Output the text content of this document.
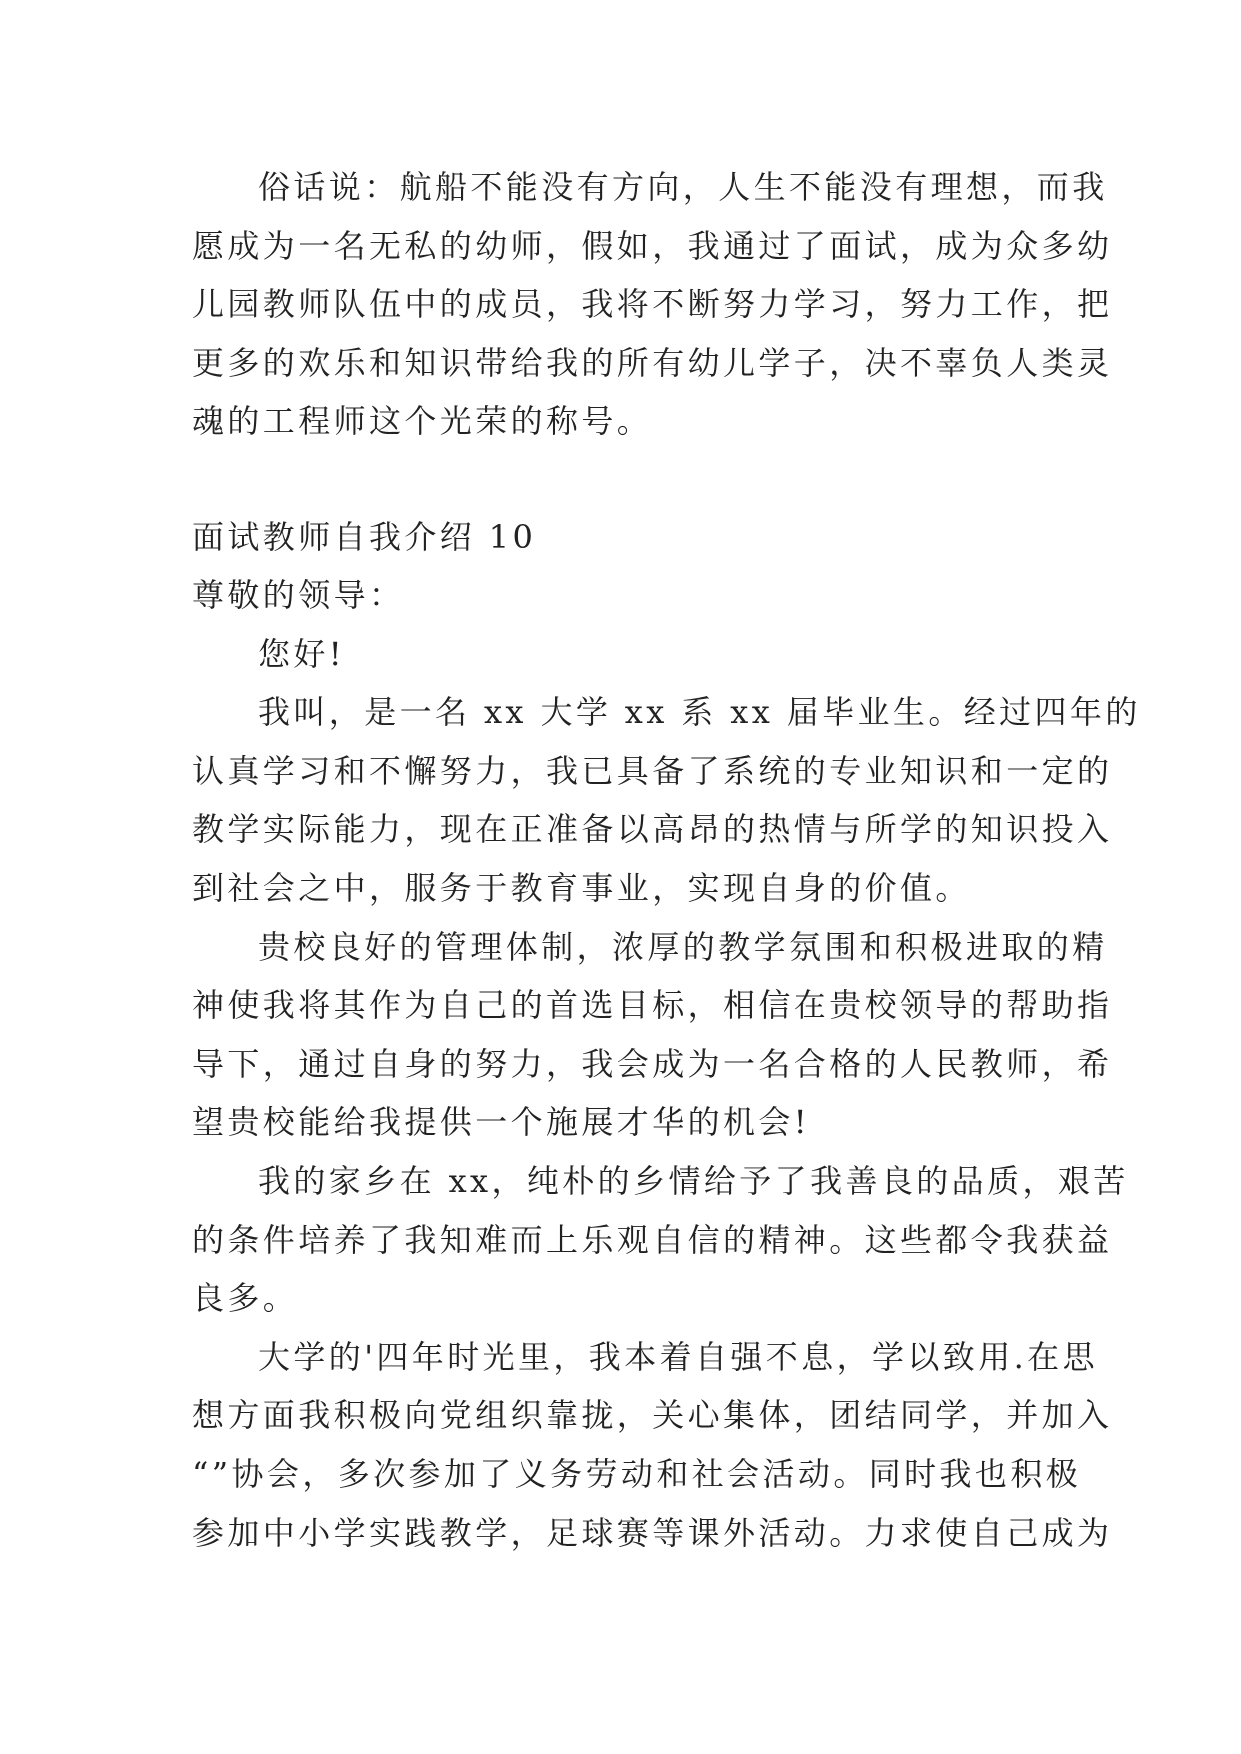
俗话说：航船不能没有方向，人生不能没有理想，而我
愿成为一名无私的幼师，假如，我通过了面试，成为众多幼
儿园教师队伍中的成员，我将不断努力学习，努力工作，把
更多的欢乐和知识带给我的所有幼儿学子，决不辜负人类灵
魂的工程师这个光荣的称号。
面试教师自我介绍 10
尊敬的领导：
您好!
我叫，是一名 xx 大学 xx 系 xx 届毕业生。经过四年的
认真学习和不懈努力，我已具备了系统的专业知识和一定的
教学实际能力，现在正准备以高昂的热情与所学的知识投入
到社会之中，服务于教育事业，实现自身的价值。
贵校良好的管理体制，浓厚的教学氛围和积极进取的精
神使我将其作为自己的首选目标，相信在贵校领导的帮助指
导下，通过自身的努力，我会成为一名合格的人民教师，希
望贵校能给我提供一个施展才华的机会!
我的家乡在 xx，纯朴的乡情给予了我善良的品质，艰苦
的条件培养了我知难而上乐观自信的精神。这些都令我获益
良多。
大学的'四年时光里，我本着自强不息，学以致用.在思
想方面我积极向党组织靠拢，关心集体，团结同学，并加入
“”协会，多次参加了义务劳动和社会活动。同时我也积极
参加中小学实践教学，足球赛等课外活动。力求使自己成为
